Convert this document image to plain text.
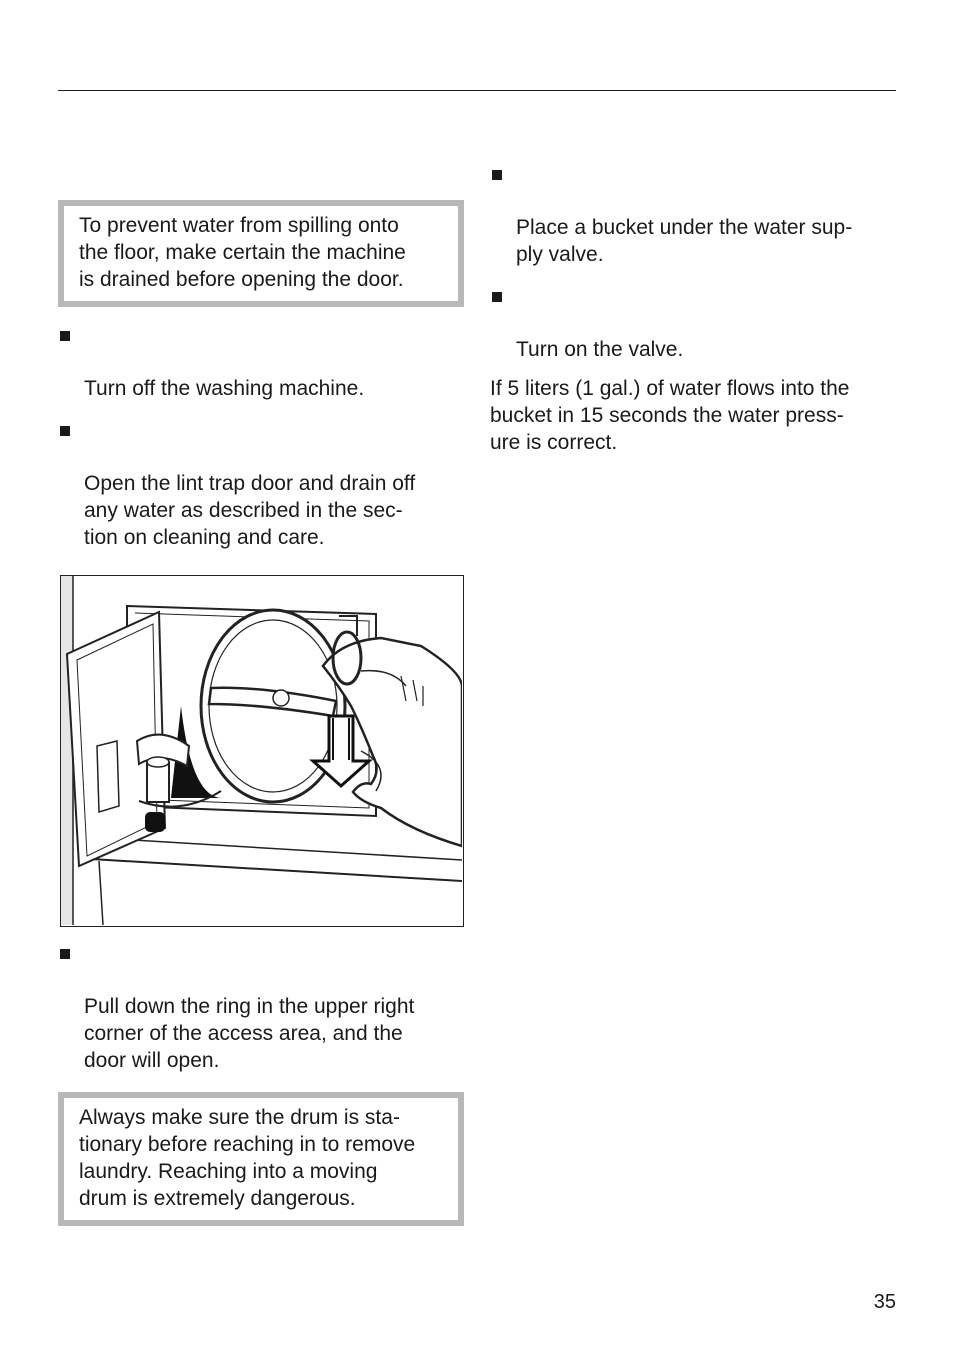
To prevent water from spilling onto
the floor, make certain the machine
is drained before opening the door.

Turn off the washing machine.

Open the lint trap door and drain off
any water as described in the sec-
tion on cleaning and care.

Pull down the ring in the upper right
corner of the access area, and the
door will open.

Always make sure the drum is sta-
tionary before reaching in to remove
laundry. Reaching into a moving
drum is extremely dangerous.

Place a bucket under the water sup-
ply valve.

Turn on the valve.

If 5 liters (1 gal.) of water flows into the
bucket in 15 seconds the water press-
ure is correct.

35
